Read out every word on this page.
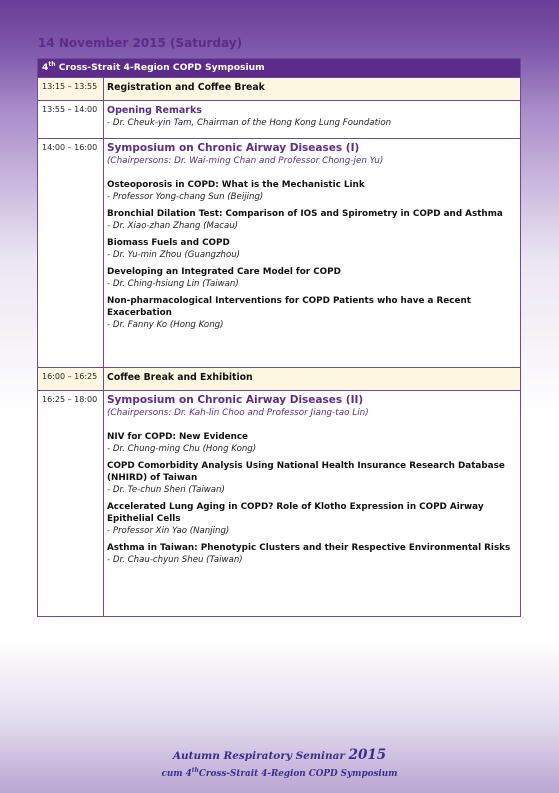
14 November 2015 (Saturday)
4th Cross-Strait 4-Region COPD Symposium
13:15 – 13:55	Registration and Coffee Break
13:55 – 14:00	Opening Remarks
- Dr. Cheuk-yin Tam, Chairman of the Hong Kong Lung Foundation
14:00 – 16:00 Symposium on Chronic Airway Diseases (I)
(Chairpersons: Dr. Wai-ming Chan and Professor Chong-jen Yu)
Osteoporosis in COPD: What is the Mechanistic Link
- Professor Yong-chang Sun (Beijing)
Bronchial Dilation Test: Comparison of IOS and Spirometry in COPD and Asthma
- Dr. Xiao-zhan Zhang (Macau)
Biomass Fuels and COPD
- Dr. Yu-min Zhou (Guangzhou)
Developing an Integrated Care Model for COPD
- Dr. Ching-hsiung Lin (Taiwan)
Non-pharmacological Interventions for COPD Patients who have a Recent Exacerbation
- Dr. Fanny Ko (Hong Kong)
16:00 – 16:25	Coffee Break and Exhibition
16:25 – 18:00 Symposium on Chronic Airway Diseases (II)
(Chairpersons: Dr. Kah-lin Choo and Professor Jiang-tao Lin)
NIV for COPD: New Evidence
- Dr. Chung-ming Chu (Hong Kong)
COPD Comorbidity Analysis Using National Health Insurance Research Database (NHIRD) of Taiwan
- Dr. Te-chun Shen (Taiwan)
Accelerated Lung Aging in COPD? Role of Klotho Expression in COPD Airway Epithelial Cells
- Professor Xin Yao (Nanjing)
Asthma in Taiwan: Phenotypic Clusters and their Respective Environmental Risks
- Dr. Chau-chyun Sheu (Taiwan)
Autumn Respiratory Seminar 2015
cum 4thCross-Strait 4-Region COPD Symposium
